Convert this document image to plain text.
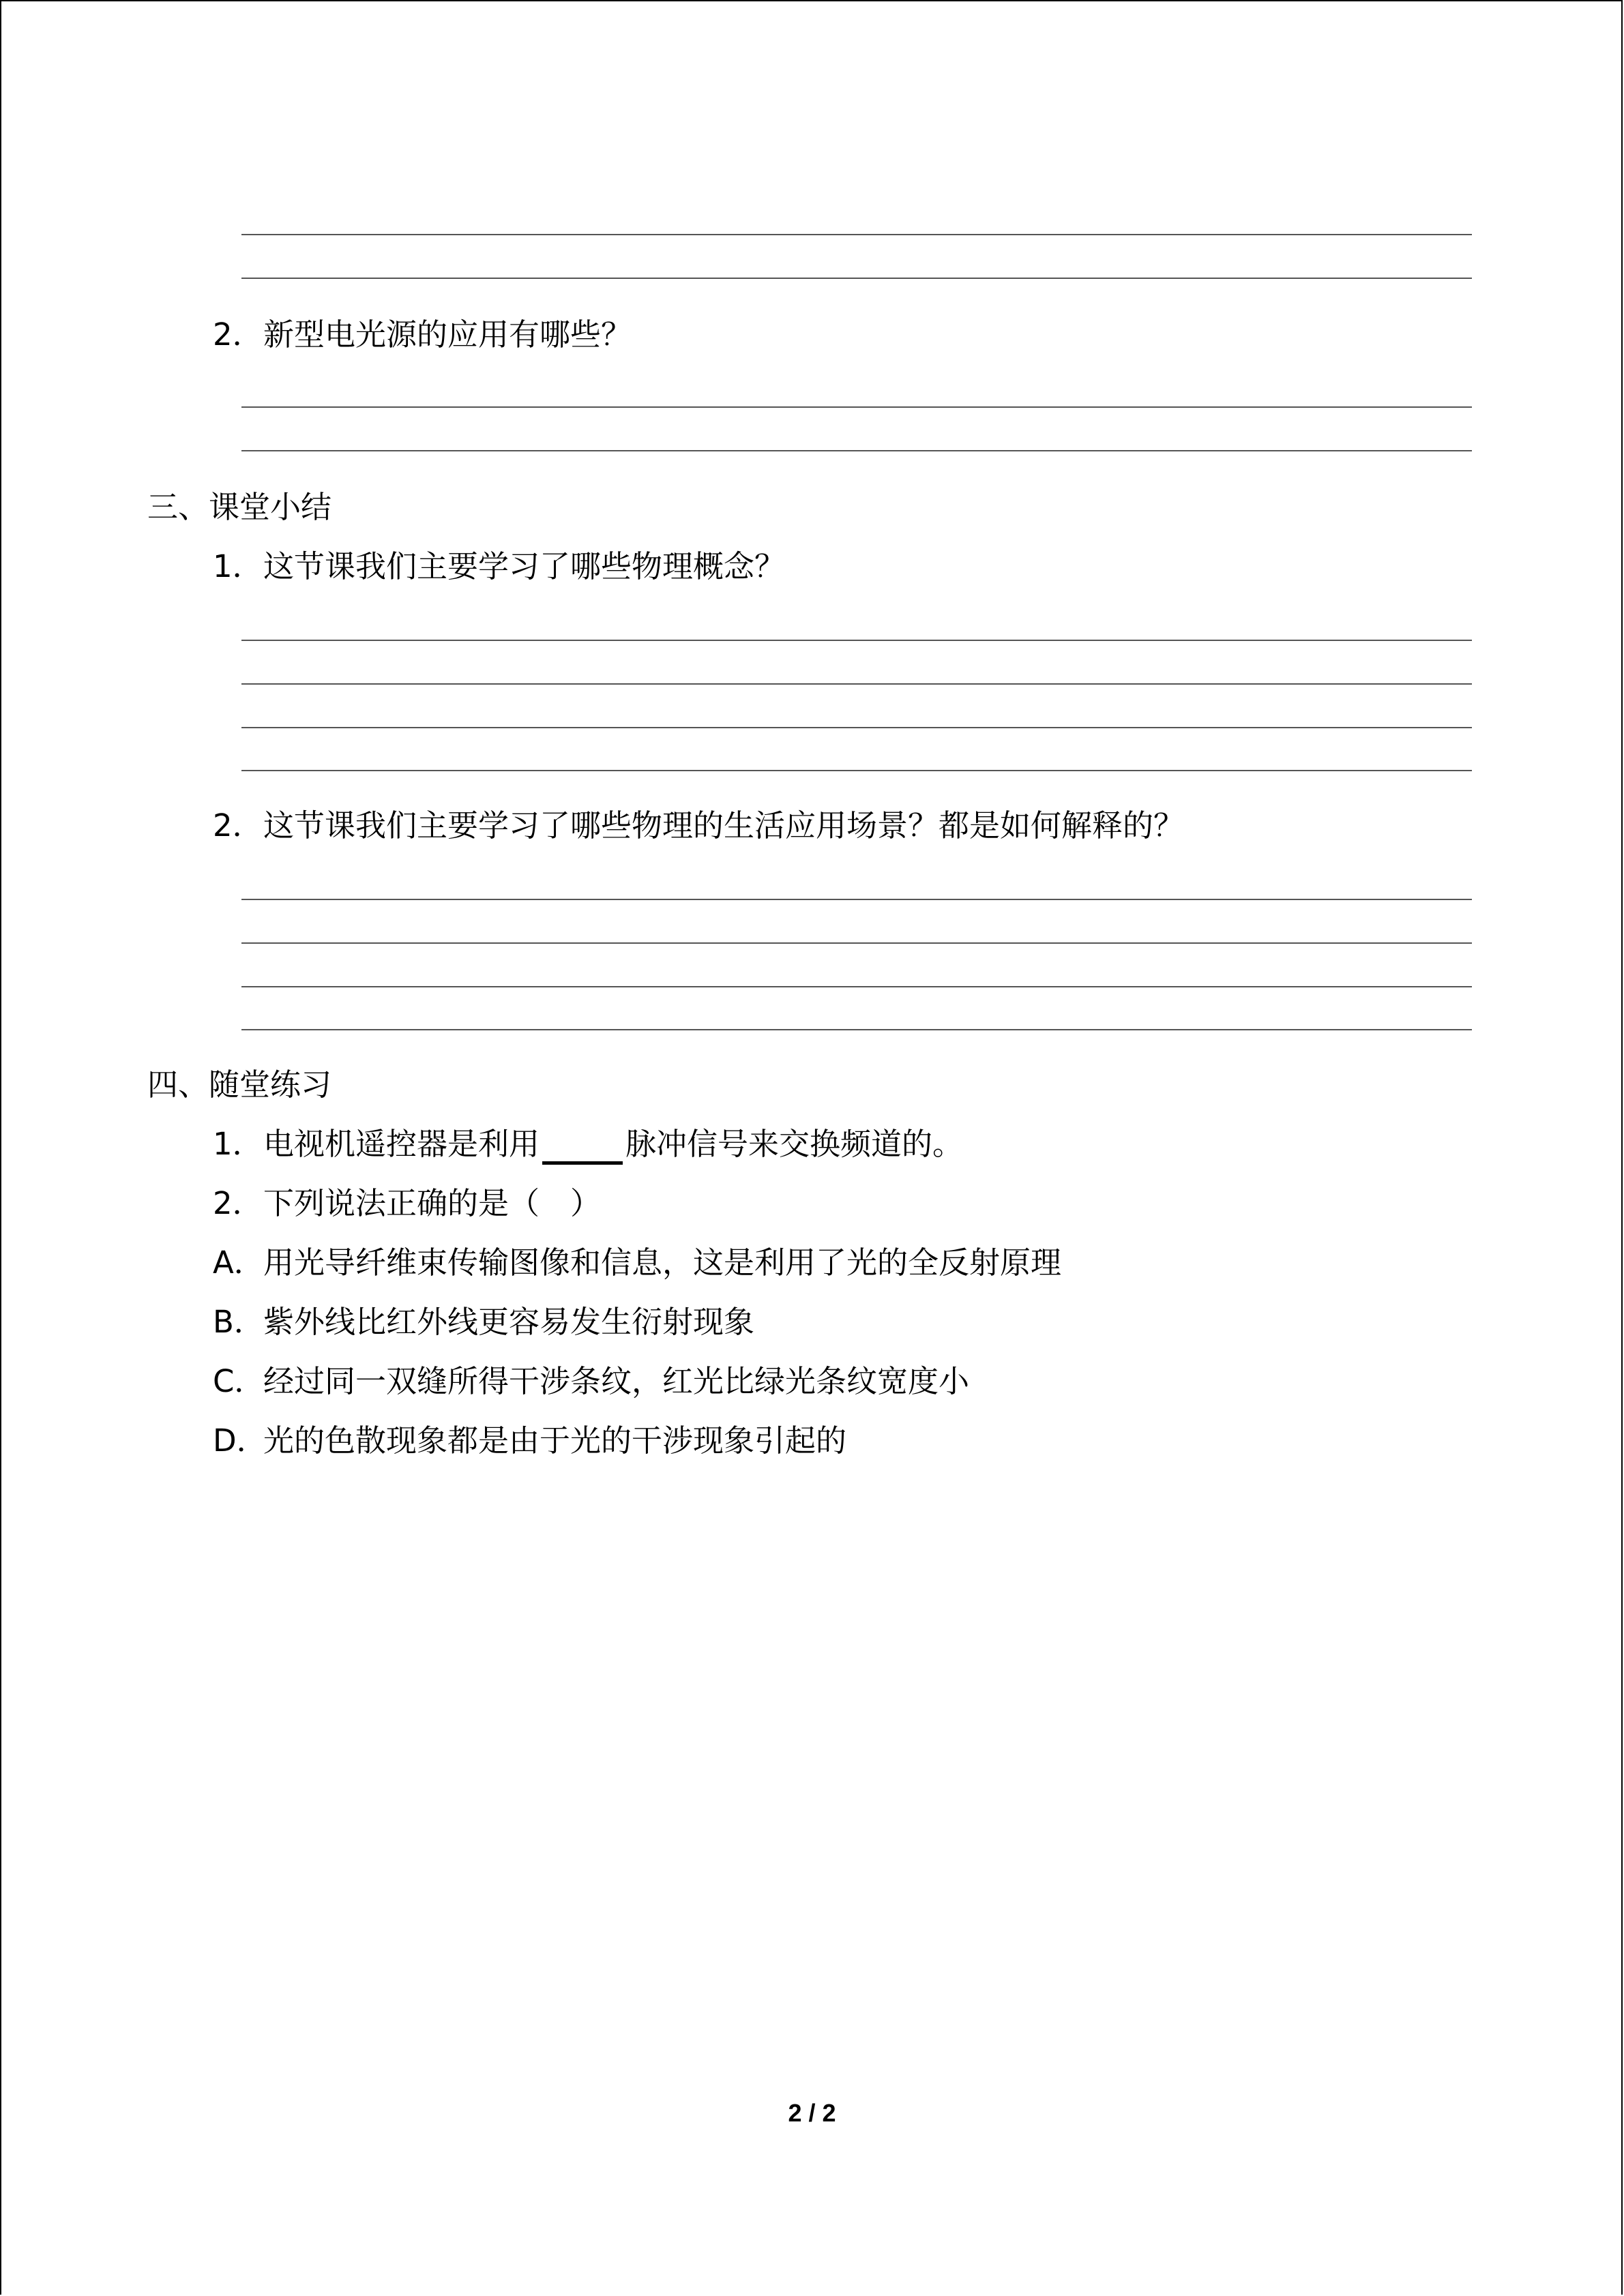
2．新型电光源的应用有哪些？
三、课堂小结
1．这节课我们主要学习了哪些物理概念？
2．这节课我们主要学习了哪些物理的生活应用场景？都是如何解释的？
四、随堂练习
1．电视机遥控器是利用	脉冲信号来交换频道的。
2．下列说法正确的是（　）
A．用光导纤维束传输图像和信息，这是利用了光的全反射原理
B．紫外线比红外线更容易发生衍射现象
C．经过同一双缝所得干涉条纹，红光比绿光条纹宽度小
D．光的色散现象都是由于光的干涉现象引起的
2 / 2
